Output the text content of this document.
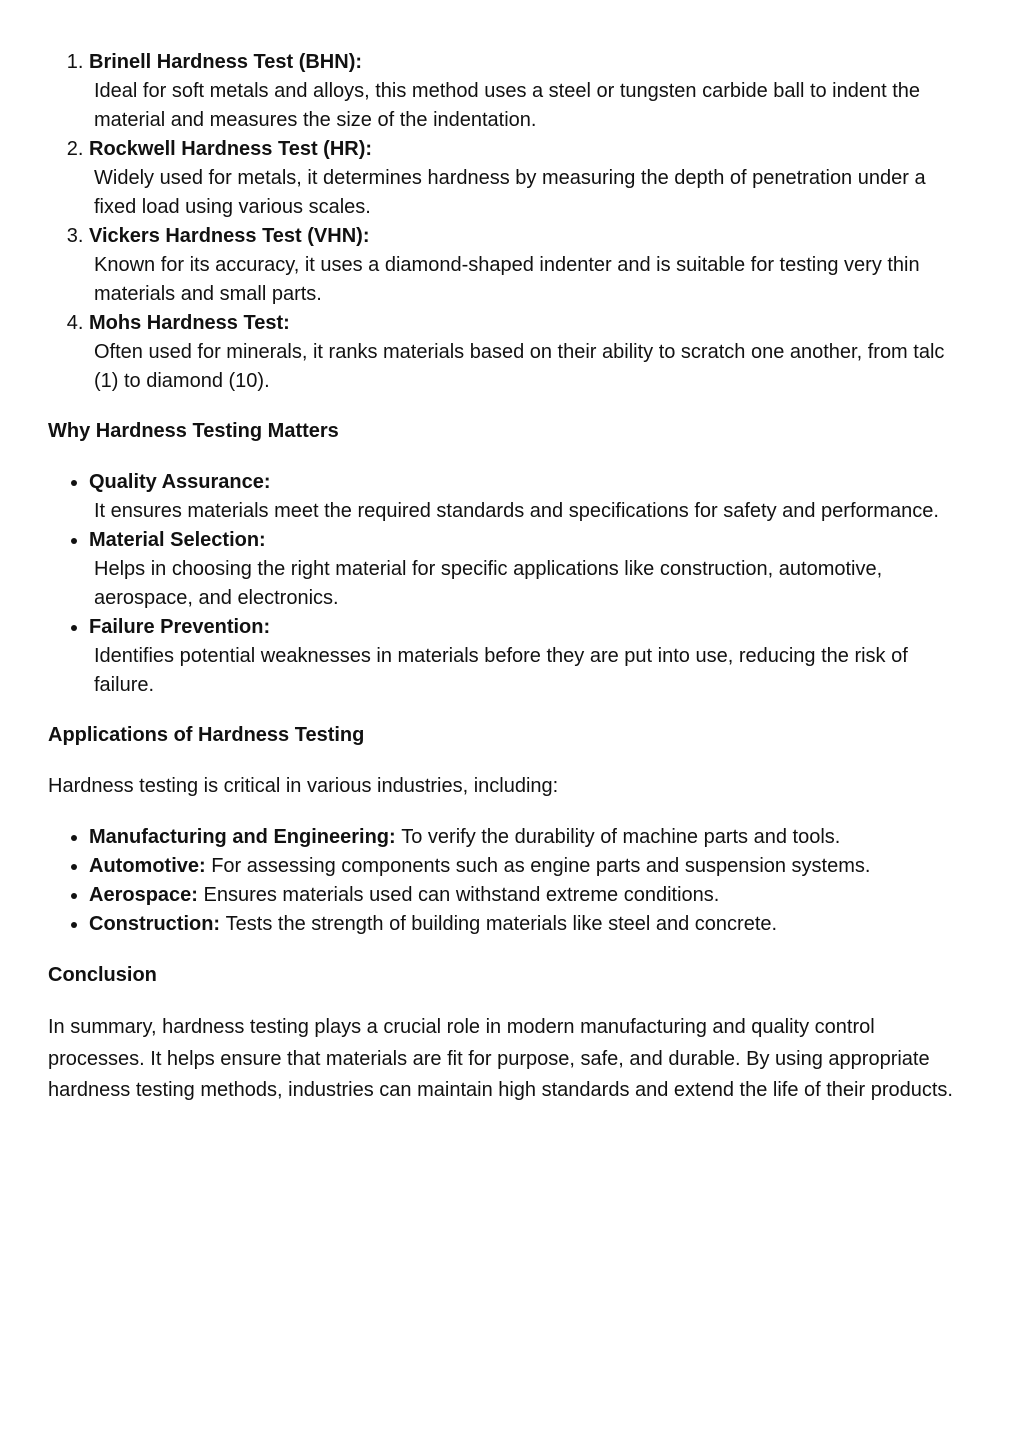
1. Brinell Hardness Test (BHN):
Ideal for soft metals and alloys, this method uses a steel or tungsten carbide ball to indent the material and measures the size of the indentation.
2. Rockwell Hardness Test (HR):
Widely used for metals, it determines hardness by measuring the depth of penetration under a fixed load using various scales.
3. Vickers Hardness Test (VHN):
Known for its accuracy, it uses a diamond-shaped indenter and is suitable for testing very thin materials and small parts.
4. Mohs Hardness Test:
Often used for minerals, it ranks materials based on their ability to scratch one another, from talc (1) to diamond (10).

Why Hardness Testing Matters

• Quality Assurance:
It ensures materials meet the required standards and specifications for safety and performance.
• Material Selection:
Helps in choosing the right material for specific applications like construction, automotive, aerospace, and electronics.
• Failure Prevention:
Identifies potential weaknesses in materials before they are put into use, reducing the risk of failure.

Applications of Hardness Testing

Hardness testing is critical in various industries, including:

• Manufacturing and Engineering: To verify the durability of machine parts and tools.
• Automotive: For assessing components such as engine parts and suspension systems.
• Aerospace: Ensures materials used can withstand extreme conditions.
• Construction: Tests the strength of building materials like steel and concrete.

Conclusion

In summary, hardness testing plays a crucial role in modern manufacturing and quality control processes. It helps ensure that materials are fit for purpose, safe, and durable. By using appropriate hardness testing methods, industries can maintain high standards and extend the life of their products.
